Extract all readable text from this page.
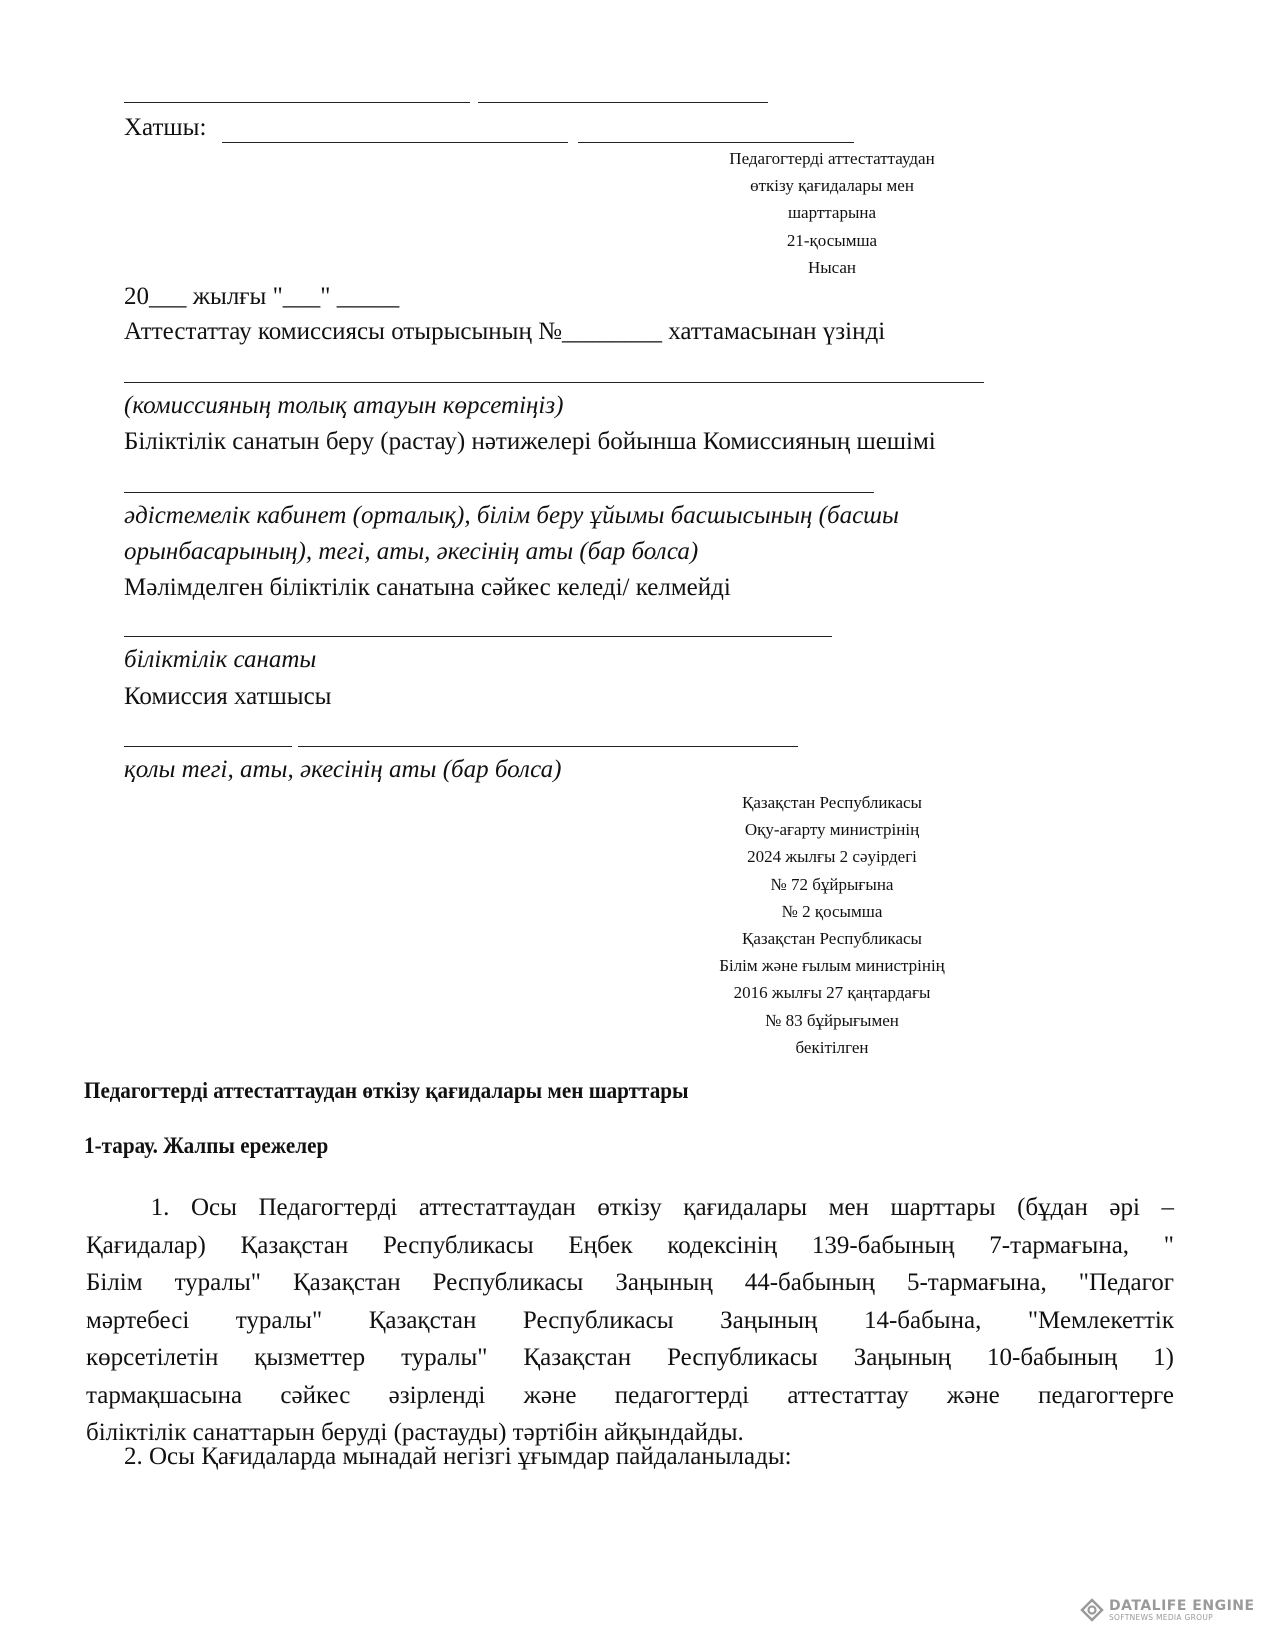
Хатшы:
Педагогтерді аттестаттаудан
өткізу қағидалары мен
шарттарына
21-қосымша
Нысан
20___ жылғы "___" _____
Аттестаттау комиссиясы отырысының №________ хаттамасынан үзінді
(комиссияның толық атауын көрсетіңіз)
Біліктілік санатын беру (растау) нәтижелері бойынша Комиссияның шешімі
әдістемелік кабинет (орталық), білім беру ұйымы басшысының (басшы
орынбасарының), тегі, аты, әкесінің аты (бар болса)
Мәлімделген біліктілік санатына сәйкес келеді/ келмейді
біліктілік санаты
Комиссия хатшысы
қолы тегі, аты, әкесінің аты (бар болса)
Қазақстан Республикасы
Оқу-ағарту министрінің
2024 жылғы 2 сәуірдегі
№ 72 бұйрығына
№ 2 қосымша
Қазақстан Республикасы
Білім және ғылым министрінің
2016 жылғы 27 қаңтардағы
№ 83 бұйрығымен
бекітілген
Педагогтерді аттестаттаудан өткізу қағидалары мен шарттары
1-тарау. Жалпы ережелер
1. Осы Педагогтерді аттестаттаудан өткізу қағидалары мен шарттары (бұдан әрі –
Қағидалар) Қазақстан Республикасы Еңбек кодексінің 139-бабының 7-тармағына, "
Білім туралы" Қазақстан Республикасы Заңының 44-бабының 5-тармағына, "Педагог
мәртебесі туралы" Қазақстан Республикасы Заңының 14-бабына, "Мемлекеттік
көрсетілетін қызметтер туралы" Қазақстан Республикасы Заңының 10-бабының 1)
тармақшасына сәйкес әзірленді және педагогтерді аттестаттау және педагогтерге
біліктілік санаттарын беруді (растауды) тәртібін айқындайды.
2. Осы Қағидаларда мынадай негізгі ұғымдар пайдаланылады:
DATALIFE ENGINE
SOFTNEWS MEDIA GROUP
